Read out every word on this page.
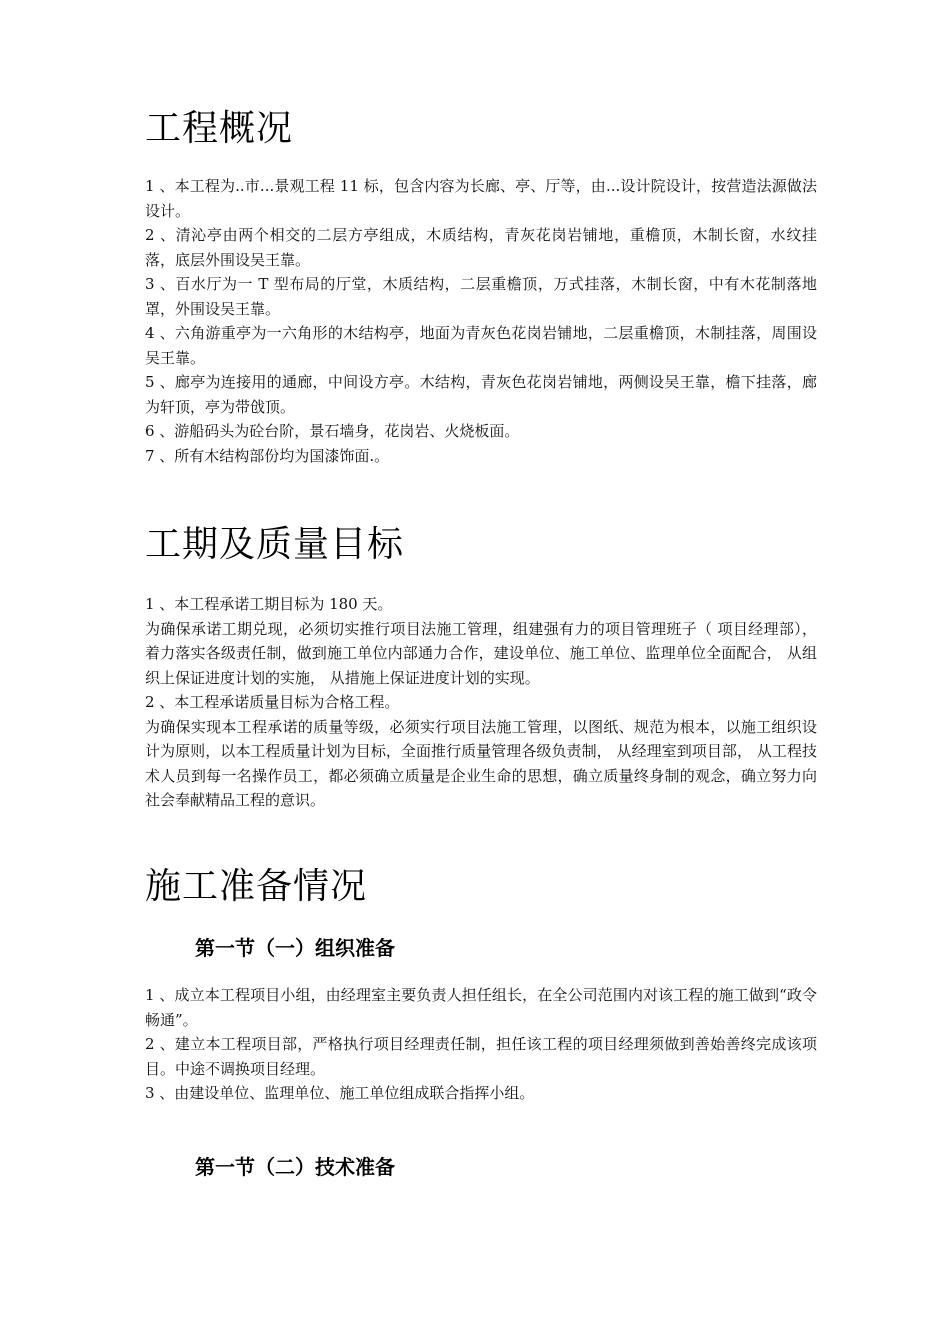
工程概况

1 、本工程为..市...景观工程 11 标，包含内容为长廊、亭、厅等，由...设计院设计，按营造法源做法设计。

2 、清沁亭由两个相交的二层方亭组成，木质结构，青灰花岗岩铺地，重檐顶，木制长窗，水纹挂落，底层外围设吴王靠。

3 、百水厅为一 T 型布局的厅堂，木质结构，二层重檐顶，万式挂落，木制长窗，中有木花制落地罩，外围设吴王靠。

4 、六角游重亭为一六角形的木结构亭，地面为青灰色花岗岩铺地，二层重檐顶，木制挂落，周围设吴王靠。

5 、廊亭为连接用的通廊，中间设方亭。木结构，青灰色花岗岩铺地，两侧设吴王靠，檐下挂落，廊为轩顶，亭为带戗顶。

6 、游船码头为砼台阶，景石墙身，花岗岩、火烧板面。

7 、所有木结构部份均为国漆饰面.。

工期及质量目标

1 、本工程承诺工期目标为 180 天。

为确保承诺工期兑现，必须切实推行项目法施工管理，组建强有力的项目管理班子（ 项目经理部），着力落实各级责任制，做到施工单位内部通力合作，建设单位、施工单位、监理单位全面配合， 从组织上保证进度计划的实施， 从措施上保证进度计划的实现。

2 、本工程承诺质量目标为合格工程。

为确保实现本工程承诺的质量等级，必须实行项目法施工管理，以图纸、规范为根本，以施工组织设计为原则，以本工程质量计划为目标，全面推行质量管理各级负责制， 从经理室到项目部， 从工程技术人员到每一名操作员工，都必须确立质量是企业生命的思想，确立质量终身制的观念，确立努力向社会奉献精品工程的意识。

施工准备情况
第一节（一）组织准备

1 、成立本工程项目小组，由经理室主要负责人担任组长，在全公司范围内对该工程的施工做到“政令畅通”。

2 、建立本工程项目部，严格执行项目经理责任制，担任该工程的项目经理须做到善始善终完成该项目。中途不调换项目经理。

3 、由建设单位、监理单位、施工单位组成联合指挥小组。

第一节（二）技术准备
